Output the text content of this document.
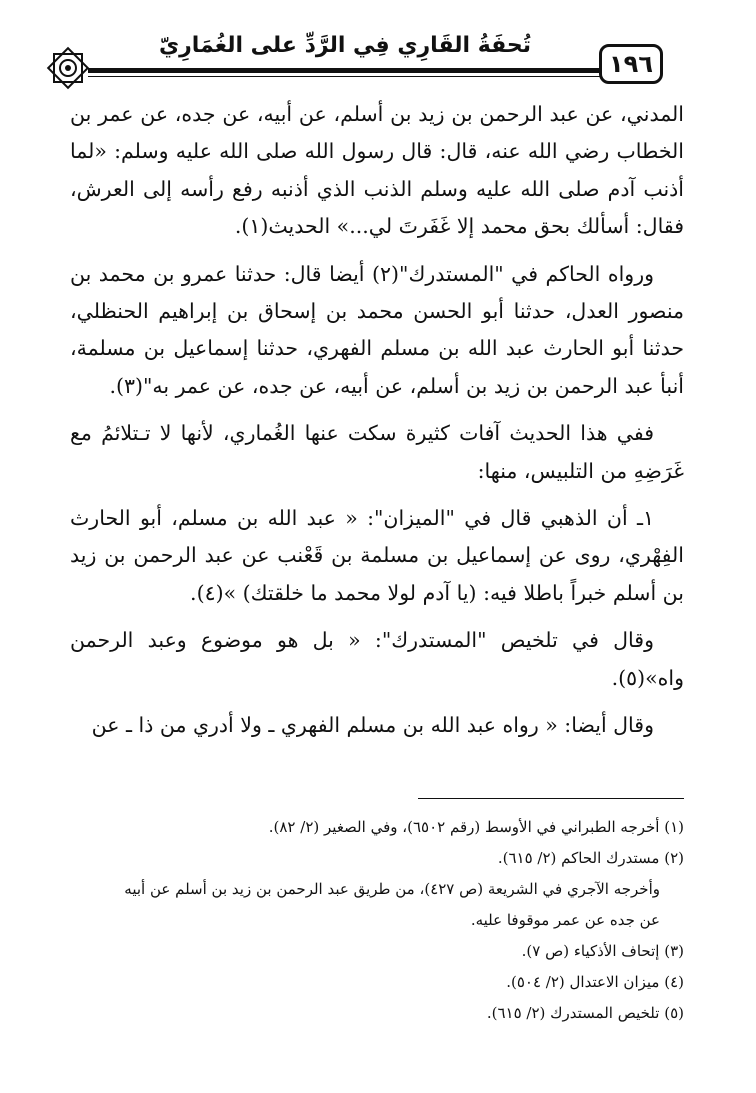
تُحفَةُ القَارِي فِي الرَّدِّ على الغُمَارِيّ
١٩٦

المدني، عن عبد الرحمن بن زيد بن أسلم، عن أبيه، عن جده، عن عمر بن الخطاب رضي الله عنه، قال: قال رسول الله صلى الله عليه وسلم: «لما أذنب آدم صلى الله عليه وسلم الذنب الذي أذنبه رفع رأسه إلى العرش، فقال: أسألك بحق محمد إلا غَفَرتَ لي...» الحديث(١).

ورواه الحاكم في "المستدرك"(٢) أيضا قال: حدثنا عمرو بن محمد بن منصور العدل، حدثنا أبو الحسن محمد بن إسحاق بن إبراهيم الحنظلي، حدثنا أبو الحارث عبد الله بن مسلم الفهري، حدثنا إسماعيل بن مسلمة، أنبأ عبد الرحمن بن زيد بن أسلم، عن أبيه، عن جده، عن عمر به"(٣).

ففي هذا الحديث آفات كثيرة سكت عنها الغُماري، لأنها لا تـتلائمُ مع غَرَضِهِ من التلبيس، منها:

١ـ أن الذهبي قال في "الميزان": « عبد الله بن مسلم، أبو الحارث الفِهْري، روى عن إسماعيل بن مسلمة بن قَعْنب عن عبد الرحمن بن زيد بن أسلم خبراً باطلا فيه: (يا آدم لولا محمد ما خلقتك) »(٤).

وقال في تلخيص "المستدرك": « بل هو موضوع وعبد الرحمن واه»(٥).

وقال أيضا: « رواه عبد الله بن مسلم الفهري ـ ولا أدري من ذا ـ عن

(١) أخرجه الطبراني في الأوسط (رقم ٦٥٠٢)، وفي الصغير (٢/ ٨٢).

(٢) مستدرك الحاكم (٢/ ٦١٥).

وأخرجه الآجري في الشريعة (ص ٤٢٧)، من طريق عبد الرحمن بن زيد بن أسلم عن أبيه

عن جده عن عمر موقوفا عليه.

(٣) إتحاف الأذكياء (ص ٧).

(٤) ميزان الاعتدال (٢/ ٥٠٤).

(٥) تلخيص المستدرك (٢/ ٦١٥).
